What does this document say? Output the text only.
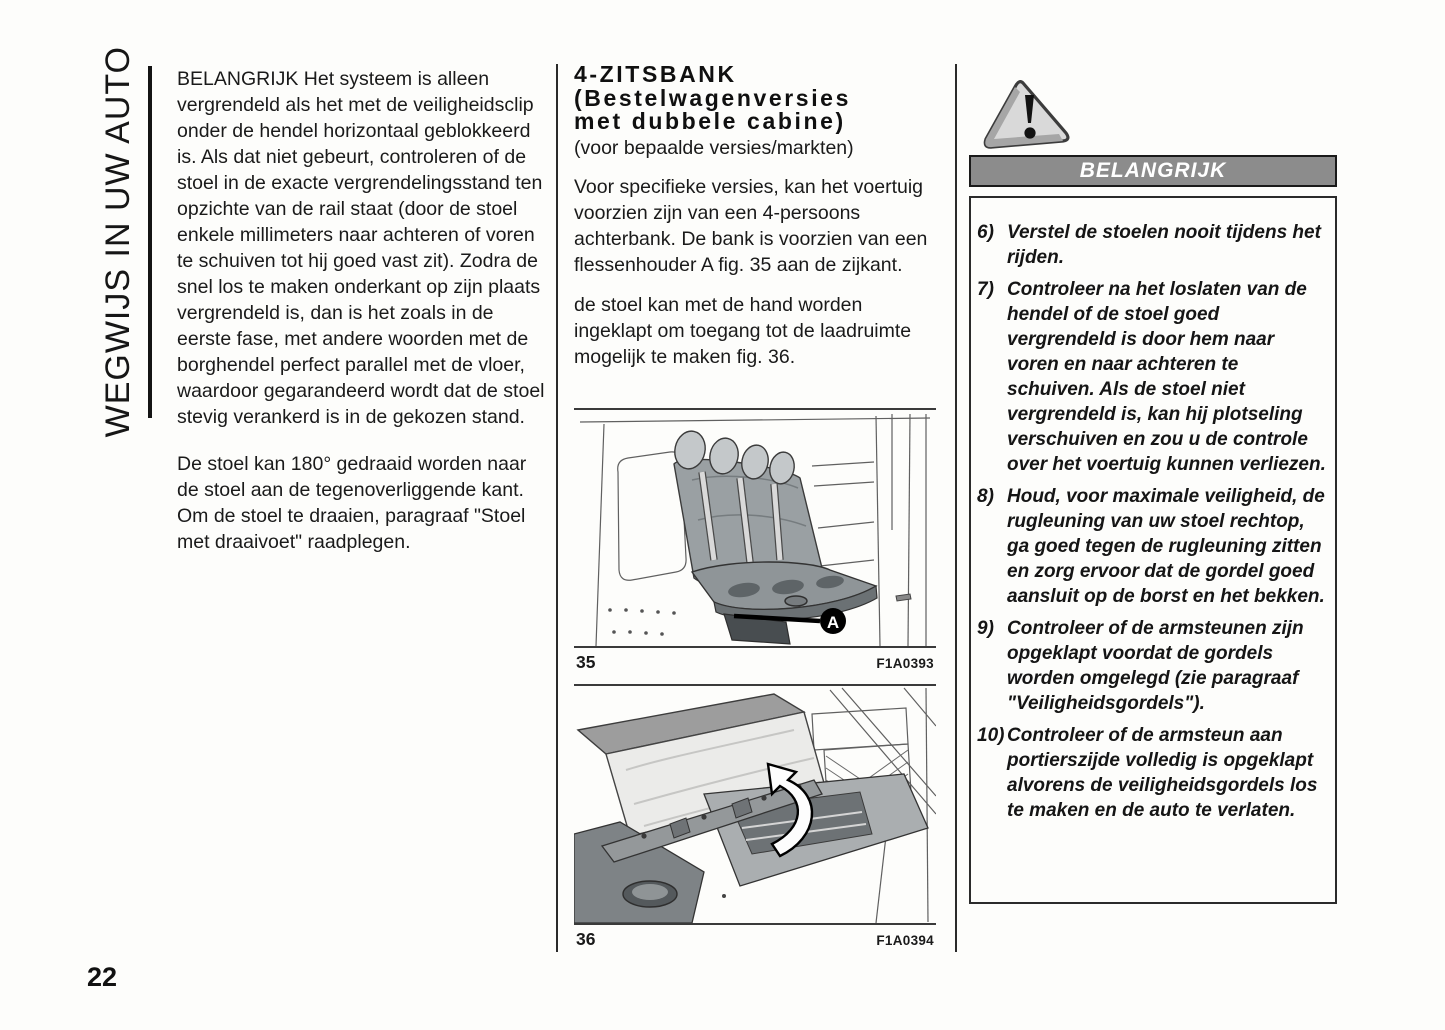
WEGWIJS IN UW AUTO BELANGRIJK Het systeem is alleen vergrendeld als het met de veiligheidsclip onder de hendel horizontaal geblokkeerd is. Als dat niet gebeurt, controleren of de stoel in de exacte vergrendelingsstand ten opzichte van de rail staat (door de stoel enkele millimeters naar achteren of voren te schuiven tot hij goed vast zit). Zodra de snel los te maken onderkant op zijn plaats vergrendeld is, dan is het zoals in de eerste fase, met andere woorden met de borghendel perfect parallel met de vloer, waardoor gegarandeerd wordt dat de stoel stevig verankerd is in de gekozen stand.

De stoel kan 180° gedraaid worden naar de stoel aan de tegenoverliggende kant. Om de stoel te draaien, paragraaf "Stoel met draaivoet" raadplegen.

4-ZITSBANK
(Bestelwagenversies
met dubbele cabine)

(voor bepaalde versies/markten)

Voor specifieke versies, kan het voertuig voorzien zijn van een 4-persoons achterbank. De bank is voorzien van een flessenhouder A fig. 35 aan de zijkant.

de stoel kan met de hand worden ingeklapt om toegang tot de laadruimte mogelijk te maken fig. 36.

A
35	F1A0393
36	F1A0394
BELANGRIJK
6) Verstel de stoelen nooit tijdens het rijden.
7) Controleer na het loslaten van de hendel of de stoel goed vergrendeld is door hem naar voren en naar achteren te schuiven. Als de stoel niet vergrendeld is, kan hij plotseling verschuiven en zou u de controle over het voertuig kunnen verliezen.
8) Houd, voor maximale veiligheid, de rugleuning van uw stoel rechtop, ga goed tegen de rugleuning zitten en zorg ervoor dat de gordel goed aansluit op de borst en het bekken.
9) Controleer of de armsteunen zijn opgeklapt voordat de gordels worden omgelegd (zie paragraaf "Veiligheidsgordels").
10) Controleer of de armsteun aan portierszijde volledig is opgeklapt alvorens de veiligheidsgordels los te maken en de auto te verlaten.
22
